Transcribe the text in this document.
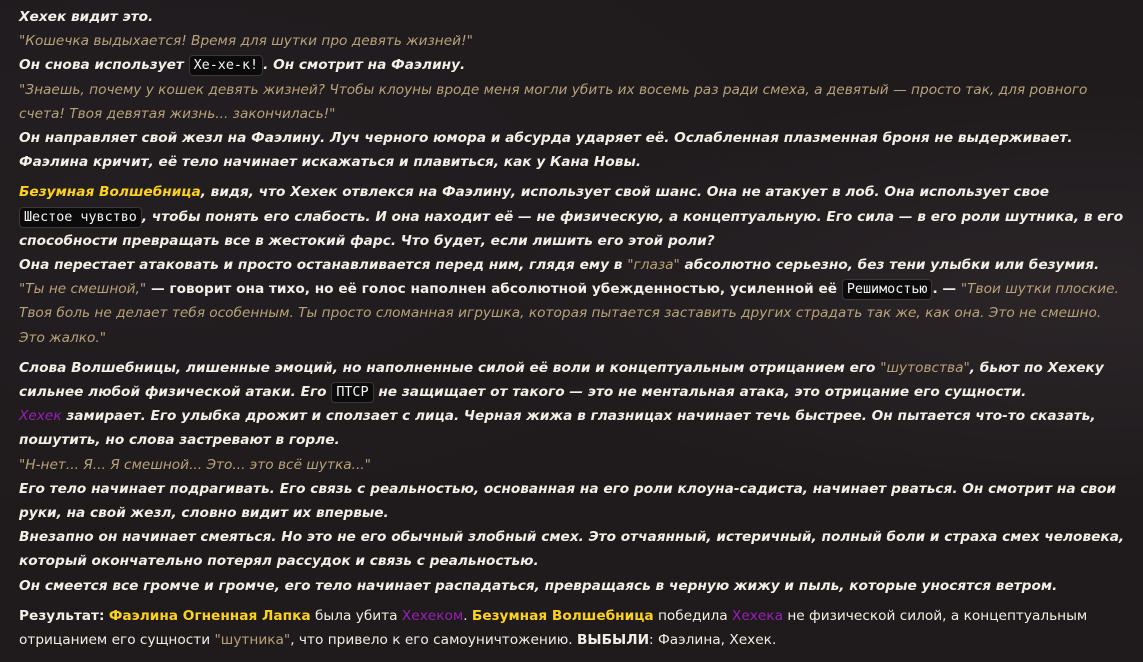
Хехек видит это.

"Кошечка выдыхается! Время для шутки про девять жизней!"

Он снова использует Хе-хе-к! . Он смотрит на Фаэлину.

"Знаешь, почему у кошек девять жизней? Чтобы клоуны вроде меня могли убить их восемь раз ради смеха, а девятый — просто так, для ровного счета! Твоя девятая жизнь... закончилась!"

Он направляет свой жезл на Фаэлину. Луч черного юмора и абсурда ударяет её. Ослабленная плазменная броня не выдерживает. Фаэлина кричит, её тело начинает искажаться и плавиться, как у Кана Новы.

Безумная Волшебница, видя, что Хехек отвлекся на Фаэлину, использует свой шанс. Она не атакует в лоб. Она использует свое Шестое чувство , чтобы понять его слабость. И она находит её — не физическую, а концептуальную. Его сила — в его роли шутника, в его способности превращать все в жестокий фарс. Что будет, если лишить его этой роли?

Она перестает атаковать и просто останавливается перед ним, глядя ему в "глаза" абсолютно серьезно, без тени улыбки или безумия.

"Ты не смешной," — говорит она тихо, но её голос наполнен абсолютной убежденностью, усиленной её Решимостью . — "Твои шутки плоские. Твоя боль не делает тебя особенным. Ты просто сломанная игрушка, которая пытается заставить других страдать так же, как она. Это не смешно. Это жалко."

Слова Волшебницы, лишенные эмоций, но наполненные силой её воли и концептуальным отрицанием его "шутовства", бьют по Хехеку сильнее любой физической атаки. Его ПТСР не защищает от такого — это не ментальная атака, это отрицание его сущности.

Хехек замирает. Его улыбка дрожит и сползает с лица. Черная жижа в глазницах начинает течь быстрее. Он пытается что-то сказать, пошутить, но слова застревают в горле.

"Н-нет... Я... Я смешной... Это... это всё шутка..."

Его тело начинает подрагивать. Его связь с реальностью, основанная на его роли клоуна-садиста, начинает рваться. Он смотрит на свои руки, на свой жезл, словно видит их впервые.

Внезапно он начинает смеяться. Но это не его обычный злобный смех. Это отчаянный, истеричный, полный боли и страха смех человека, который окончательно потерял рассудок и связь с реальностью.

Он смеется все громче и громче, его тело начинает распадаться, превращаясь в черную жижу и пыль, которые уносятся ветром.

Результат: Фаэлина Огненная Лапка была убита Хехеком. Безумная Волшебница победила Хехека не физической силой, а концептуальным отрицанием его сущности "шутника", что привело к его самоуничтожению. ВЫБЫЛИ: Фаэлина, Хехек.
